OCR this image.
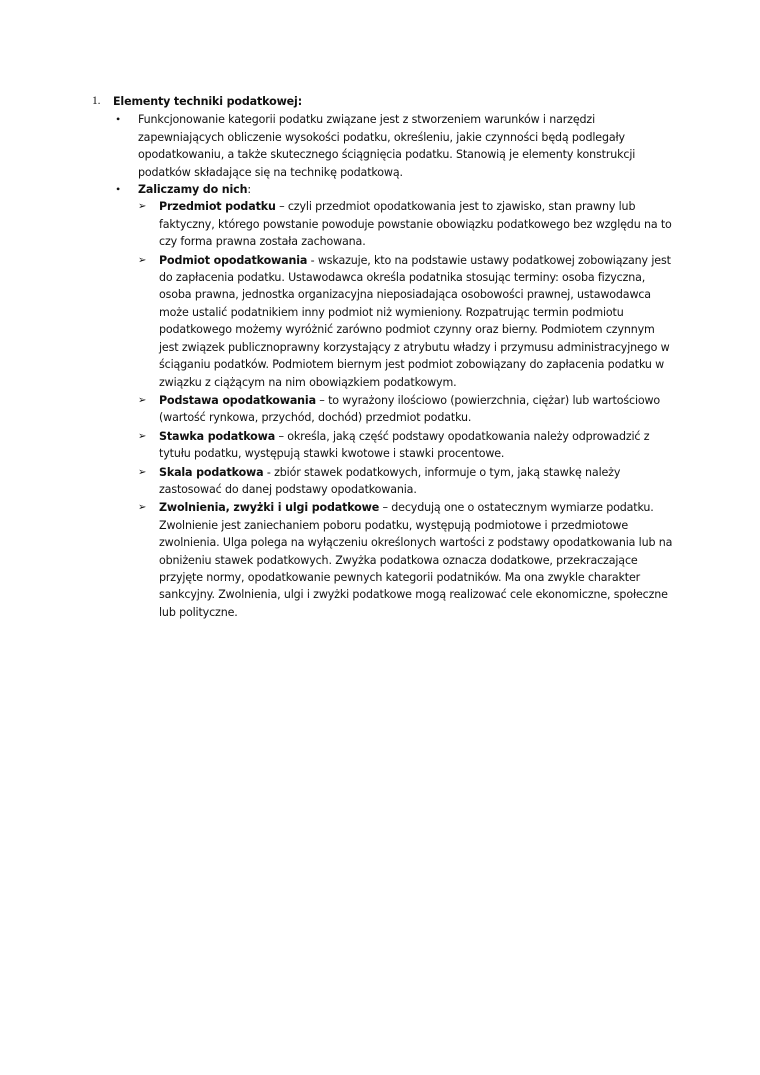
1. Elementy techniki podatkowej:
• Funkcjonowanie kategorii podatku związane jest z stworzeniem warunków i narzędzi zapewniających obliczenie wysokości podatku, określeniu, jakie czynności będą podlegały opodatkowaniu, a także skutecznego ściągnięcia podatku. Stanowią je elementy konstrukcji podatków składające się na technikę podatkową.
• Zaliczamy do nich:
➢ Przedmiot podatku – czyli przedmiot opodatkowania jest to zjawisko, stan prawny lub faktyczny, którego powstanie powoduje powstanie obowiązku podatkowego bez względu na to czy forma prawna została zachowana.
➢ Podmiot opodatkowania - wskazuje, kto na podstawie ustawy podatkowej zobowiązany jest do zapłacenia podatku. Ustawodawca określa podatnika stosując terminy: osoba fizyczna, osoba prawna, jednostka organizacyjna nieposiadająca osobowości prawnej, ustawodawca może ustalić podatnikiem inny podmiot niż wymieniony. Rozpatrując termin podmiotu podatkowego możemy wyróżnić zarówno podmiot czynny oraz bierny. Podmiotem czynnym jest związek publicznoprawny korzystający z atrybutu władzy i przymusu administracyjnego w ściąganiu podatków. Podmiotem biernym jest podmiot zobowiązany do zapłacenia podatku w związku z ciążącym na nim obowiązkiem podatkowym.
➢ Podstawa opodatkowania – to wyrażony ilościowo (powierzchnia, ciężar) lub wartościowo (wartość rynkowa, przychód, dochód) przedmiot podatku.
➢ Stawka podatkowa – określa, jaką część podstawy opodatkowania należy odprowadzić z tytułu podatku, występują stawki kwotowe i stawki procentowe.
➢ Skala podatkowa - zbiór stawek podatkowych, informuje o tym, jaką stawkę należy zastosować do danej podstawy opodatkowania.
➢ Zwolnienia, zwyżki i ulgi podatkowe – decydują one o ostatecznym wymiarze podatku. Zwolnienie jest zaniechaniem poboru podatku, występują podmiotowe i przedmiotowe zwolnienia. Ulga polega na wyłączeniu określonych wartości z podstawy opodatkowania lub na obniżeniu stawek podatkowych. Zwyżka podatkowa oznacza dodatkowe, przekraczające przyjęte normy, opodatkowanie pewnych kategorii podatników. Ma ona zwykle charakter sankcyjny. Zwolnienia, ulgi i zwyżki podatkowe mogą realizować cele ekonomiczne, społeczne lub polityczne.
